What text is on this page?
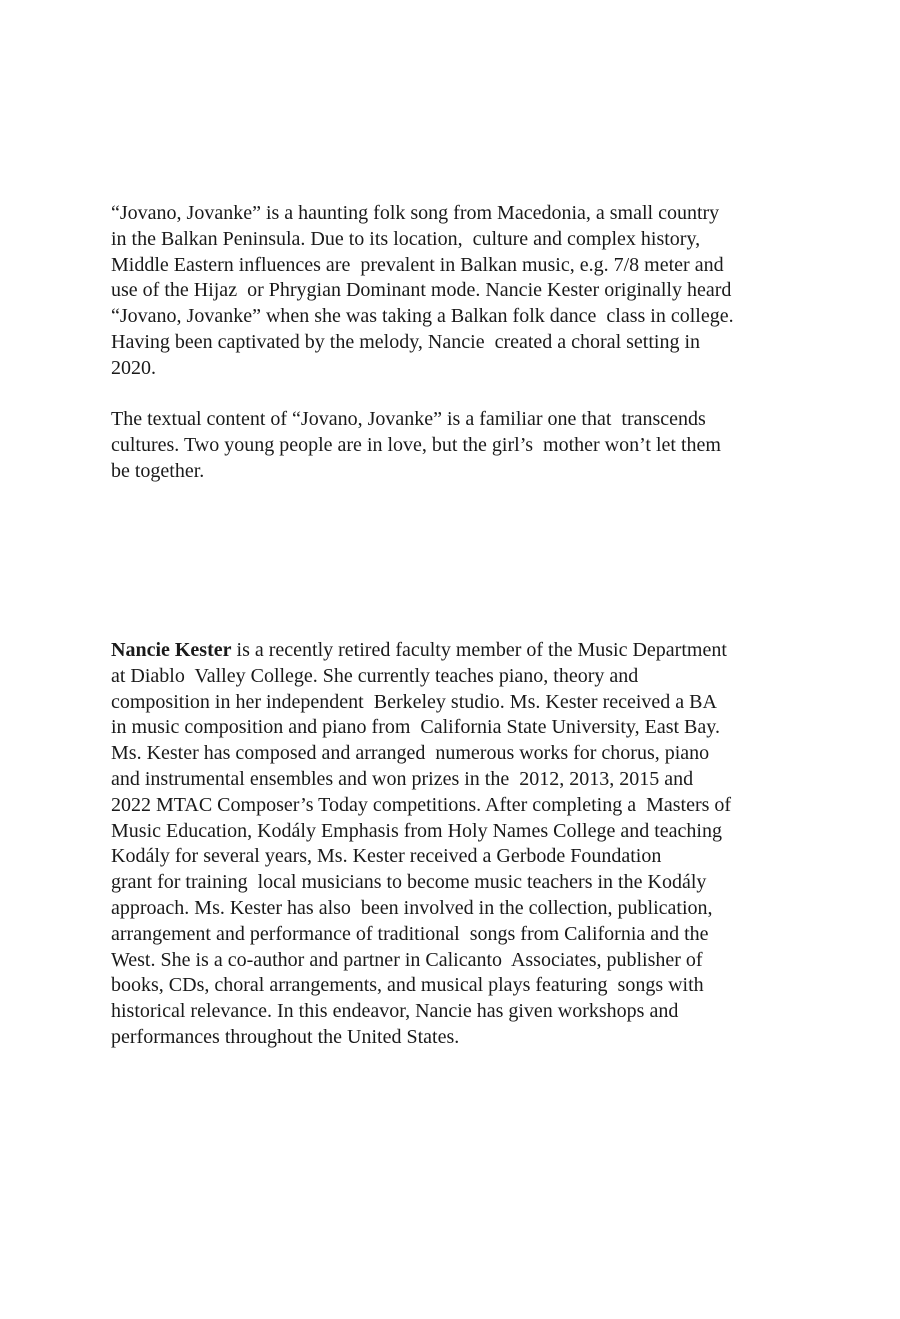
“Jovano, Jovanke” is a haunting folk song from Macedonia, a small country
in the Balkan Peninsula. Due to its location,  culture and complex history,
Middle Eastern influences are  prevalent in Balkan music, e.g. 7/8 meter and
use of the Hijaz  or Phrygian Dominant mode. Nancie Kester originally heard
“Jovano, Jovanke” when she was taking a Balkan folk dance  class in college.
Having been captivated by the melody, Nancie  created a choral setting in
2020.
The textual content of “Jovano, Jovanke” is a familiar one that  transcends
cultures. Two young people are in love, but the girl’s  mother won’t let them
be together.
Nancie Kester is a recently retired faculty member of the Music Department
at Diablo  Valley College. She currently teaches piano, theory and
composition in her independent  Berkeley studio. Ms. Kester received a BA
in music composition and piano from  California State University, East Bay.
Ms. Kester has composed and arranged  numerous works for chorus, piano
and instrumental ensembles and won prizes in the  2012, 2013, 2015 and
2022 MTAC Composer’s Today competitions. After completing a  Masters of
Music Education, Kodály Emphasis from Holy Names College and teaching
Kodály for several years, Ms. Kester received a Gerbode Foundation
grant for training  local musicians to become music teachers in the Kodály
approach. Ms. Kester has also  been involved in the collection, publication,
arrangement and performance of traditional  songs from California and the
West. She is a co-author and partner in Calicanto  Associates, publisher of
books, CDs, choral arrangements, and musical plays featuring  songs with
historical relevance. In this endeavor, Nancie has given workshops and
performances throughout the United States.
